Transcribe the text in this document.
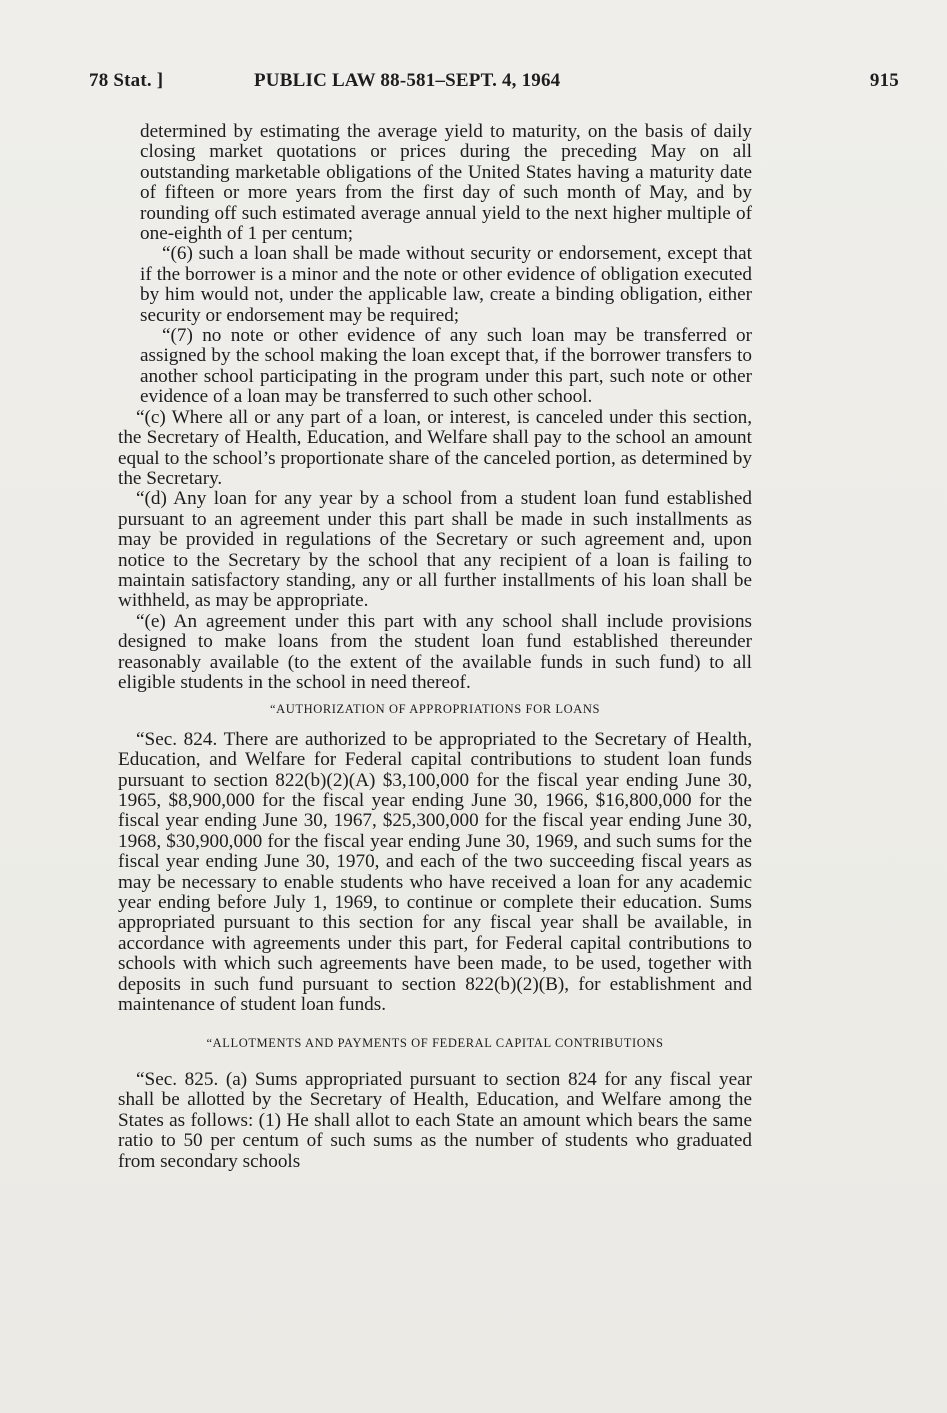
78 Stat. ]	PUBLIC LAW 88-581–SEPT. 4, 1964	915

determined by estimating the average yield to maturity, on the basis of daily closing market quotations or prices during the preceding May on all outstanding marketable obligations of the United States having a maturity date of fifteen or more years from the first day of such month of May, and by rounding off such estimated average annual yield to the next higher multiple of one-eighth of 1 per centum;

“(6) such a loan shall be made without security or endorsement, except that if the borrower is a minor and the note or other evidence of obligation executed by him would not, under the applicable law, create a binding obligation, either security or endorsement may be required;

“(7) no note or other evidence of any such loan may be transferred or assigned by the school making the loan except that, if the borrower transfers to another school participating in the program under this part, such note or other evidence of a loan may be transferred to such other school.

“(c) Where all or any part of a loan, or interest, is canceled under this section, the Secretary of Health, Education, and Welfare shall pay to the school an amount equal to the school’s proportionate share of the canceled portion, as determined by the Secretary.

“(d) Any loan for any year by a school from a student loan fund established pursuant to an agreement under this part shall be made in such installments as may be provided in regulations of the Secretary or such agreement and, upon notice to the Secretary by the school that any recipient of a loan is failing to maintain satisfactory standing, any or all further installments of his loan shall be withheld, as may be appropriate.

“(e) An agreement under this part with any school shall include provisions designed to make loans from the student loan fund established thereunder reasonably available (to the extent of the available funds in such fund) to all eligible students in the school in need thereof.

“AUTHORIZATION OF APPROPRIATIONS FOR LOANS

“Sec. 824. There are authorized to be appropriated to the Secretary of Health, Education, and Welfare for Federal capital contributions to student loan funds pursuant to section 822(b)(2)(A) $3,100,000 for the fiscal year ending June 30, 1965, $8,900,000 for the fiscal year ending June 30, 1966, $16,800,000 for the fiscal year ending June 30, 1967, $25,300,000 for the fiscal year ending June 30, 1968, $30,900,000 for the fiscal year ending June 30, 1969, and such sums for the fiscal year ending June 30, 1970, and each of the two succeeding fiscal years as may be necessary to enable students who have received a loan for any academic year ending before July 1, 1969, to continue or complete their education. Sums appropriated pursuant to this section for any fiscal year shall be available, in accordance with agreements under this part, for Federal capital contributions to schools with which such agreements have been made, to be used, together with deposits in such fund pursuant to section 822(b)(2)(B), for establishment and maintenance of student loan funds.

“ALLOTMENTS AND PAYMENTS OF FEDERAL CAPITAL CONTRIBUTIONS

“Sec. 825. (a) Sums appropriated pursuant to section 824 for any fiscal year shall be allotted by the Secretary of Health, Education, and Welfare among the States as follows: (1) He shall allot to each State an amount which bears the same ratio to 50 per centum of such sums as the number of students who graduated from secondary schools
